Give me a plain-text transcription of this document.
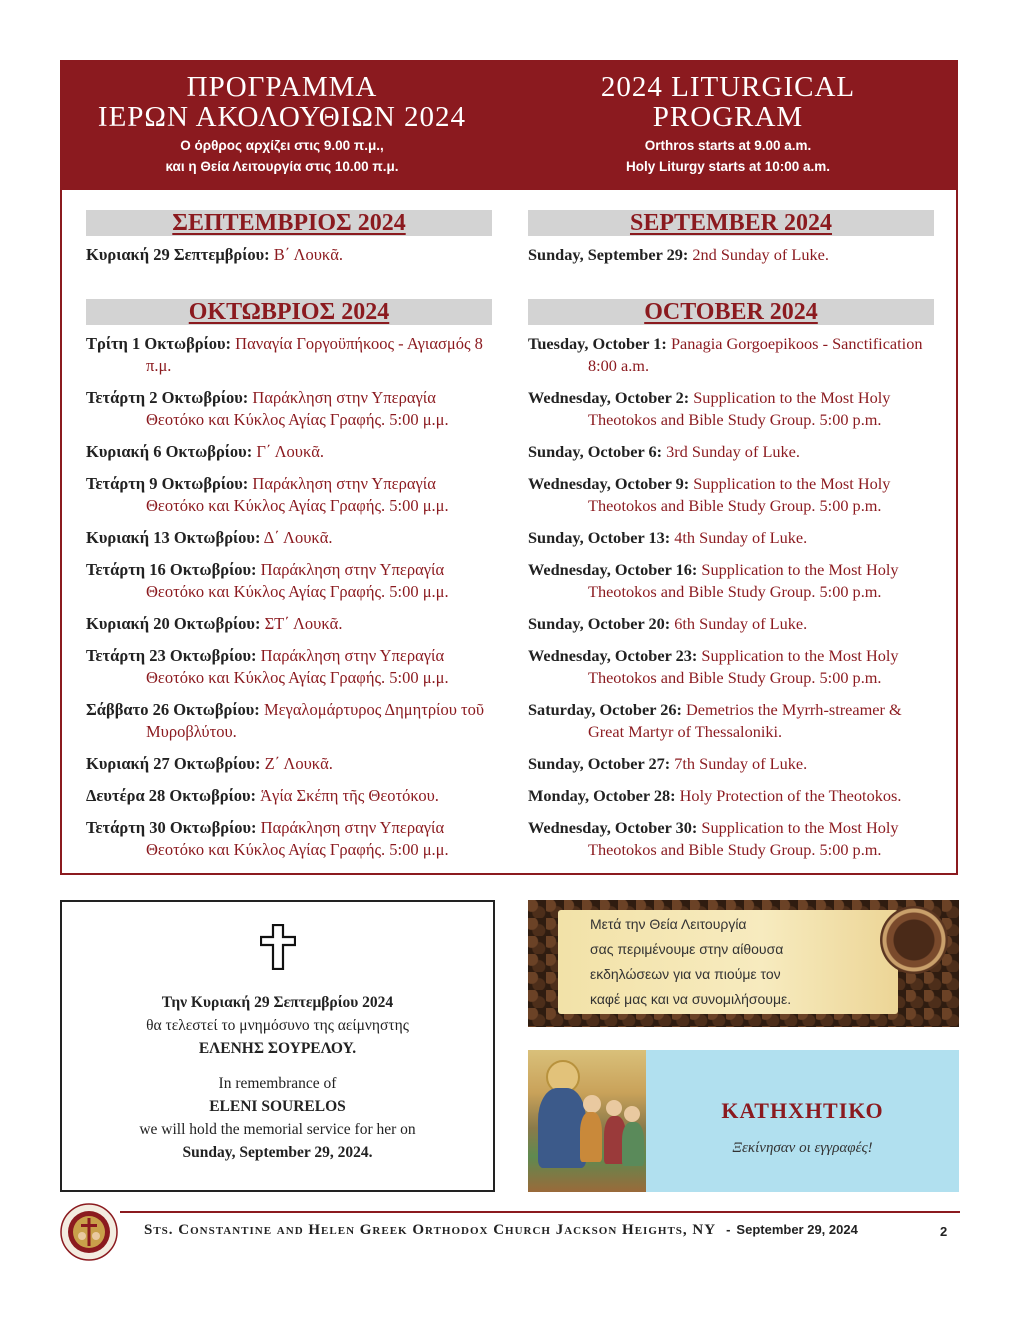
ΠΡΟΓΡΑΜΜΑ
ΙΕΡΩΝ ΑΚΟΛΟΥΘΙΩΝ 2024
Ο όρθρος αρχίζει στις 9.00 π.μ.,
και η Θεία Λειτουργία στις 10.00 π.μ.
2024 LITURGICAL
PROGRAM
Orthros starts at 9.00 a.m.
Holy Liturgy starts at 10:00 a.m.
ΣΕΠΤΕΜΒΡΙΟΣ 2024
Κυριακή 29 Σεπτεμβρίου: Β΄ Λουκᾶ.
ΟΚΤΩΒΡΙΟΣ 2024
Τρίτη 1 Οκτωβρίου: Παναγία Γοργοϋπήκοος - Αγιασμός 8 π.μ.
Τετάρτη 2 Οκτωβρίου: Παράκληση στην Υπεραγία Θεοτόκο και Κύκλος Αγίας Γραφής. 5:00 μ.μ.
Κυριακή 6 Οκτωβρίου: Γ΄ Λουκᾶ.
Τετάρτη 9 Οκτωβρίου: Παράκληση στην Υπεραγία Θεοτόκο και Κύκλος Αγίας Γραφής. 5:00 μ.μ.
Κυριακή 13 Οκτωβρίου: Δ΄ Λουκᾶ.
Τετάρτη 16 Οκτωβρίου: Παράκληση στην Υπεραγία Θεοτόκο και Κύκλος Αγίας Γραφής. 5:00 μ.μ.
Κυριακή 20 Οκτωβρίου: ΣΤ΄ Λουκᾶ.
Τετάρτη 23 Οκτωβρίου: Παράκληση στην Υπεραγία Θεοτόκο και Κύκλος Αγίας Γραφής. 5:00 μ.μ.
Σάββατο 26 Οκτωβρίου: Μεγαλομάρτυρος Δημητρίου τοῦ Μυροβλύτου.
Κυριακή 27 Οκτωβρίου: Ζ΄ Λουκᾶ.
Δευτέρα 28 Οκτωβρίου: Ἁγία Σκέπη τῆς Θεοτόκου.
Τετάρτη 30 Οκτωβρίου: Παράκληση στην Υπεραγία Θεοτόκο και Κύκλος Αγίας Γραφής. 5:00 μ.μ.
SEPTEMBER 2024
Sunday, September 29: 2nd Sunday of Luke.
OCTOBER 2024
Tuesday, October 1: Panagia Gorgoepikoos - Sanctification 8:00 a.m.
Wednesday, October 2: Supplication to the Most Holy Theotokos and Bible Study Group. 5:00 p.m.
Sunday, October 6: 3rd Sunday of Luke.
Wednesday, October 9: Supplication to the Most Holy Theotokos and Bible Study Group. 5:00 p.m.
Sunday, October 13: 4th Sunday of Luke.
Wednesday, October 16: Supplication to the Most Holy Theotokos and Bible Study Group. 5:00 p.m.
Sunday, October 20: 6th Sunday of Luke.
Wednesday, October 23: Supplication to the Most Holy Theotokos and Bible Study Group. 5:00 p.m.
Saturday, October 26: Demetrios the Myrrh-streamer & Great Martyr of Thessaloniki.
Sunday, October 27: 7th Sunday of Luke.
Monday, October 28: Holy Protection of the Theotokos.
Wednesday, October 30: Supplication to the Most Holy Theotokos and Bible Study Group. 5:00 p.m.

Την Κυριακή 29 Σεπτεμβρίου 2024
θα τελεστεί το μνημόσυνο της αείμνηστης
ΕΛΕΝΗΣ ΣΟΥΡΕΛΟΥ.

In remembrance of
ELENI SOURELOS
we will hold the memorial service for her on
Sunday, September 29, 2024.

Μετά την Θεία Λειτουργία
σας περιμένουμε στην αίθουσα
εκδηλώσεων για να πιούμε τον
καφέ μας και να συνομιλήσουμε.
ΚΑΤΗΧΗΤΙΚΟ
Ξεκίνησαν οι εγγραφές!
Sts. Constantine and Helen Greek Orthodox Church Jackson Heights, NY - September 29, 2024	2
